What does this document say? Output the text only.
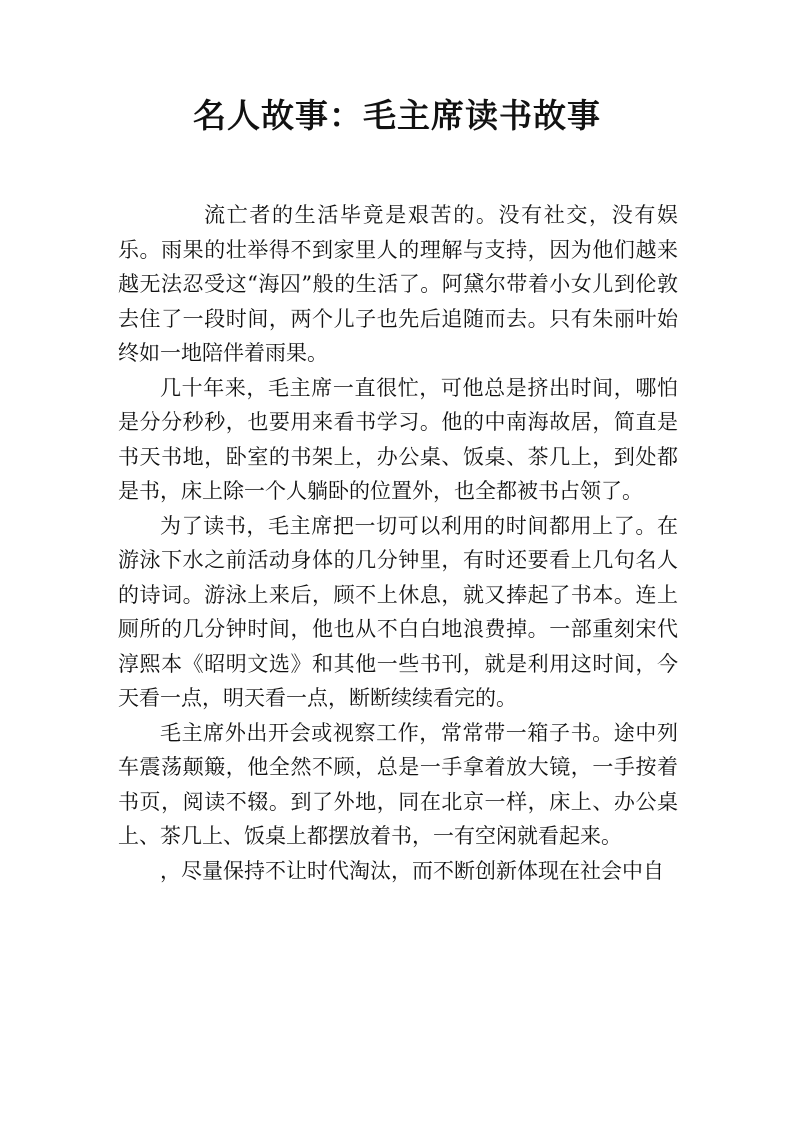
名人故事：毛主席读书故事

流亡者的生活毕竟是艰苦的。没有社交，没有娱乐。雨果的壮举得不到家里人的理解与支持，因为他们越来越无法忍受这“海囚”般的生活了。阿黛尔带着小女儿到伦敦去住了一段时间，两个儿子也先后追随而去。只有朱丽叶始终如一地陪伴着雨果。

几十年来，毛主席一直很忙，可他总是挤出时间，哪怕是分分秒秒，也要用来看书学习。他的中南海故居，简直是书天书地，卧室的书架上，办公桌、饭桌、茶几上，到处都是书，床上除一个人躺卧的位置外，也全都被书占领了。

为了读书，毛主席把一切可以利用的时间都用上了。在游泳下水之前活动身体的几分钟里，有时还要看上几句名人的诗词。游泳上来后，顾不上休息，就又捧起了书本。连上厕所的几分钟时间，他也从不白白地浪费掉。一部重刻宋代淳熙本《昭明文选》和其他一些书刊，就是利用这时间，今天看一点，明天看一点，断断续续看完的。

毛主席外出开会或视察工作，常常带一箱子书。途中列车震荡颠簸，他全然不顾，总是一手拿着放大镜，一手按着书页，阅读不辍。到了外地，同在北京一样，床上、办公桌上、茶几上、饭桌上都摆放着书，一有空闲就看起来。

，尽量保持不让时代淘汰，而不断创新体现在社会中自
